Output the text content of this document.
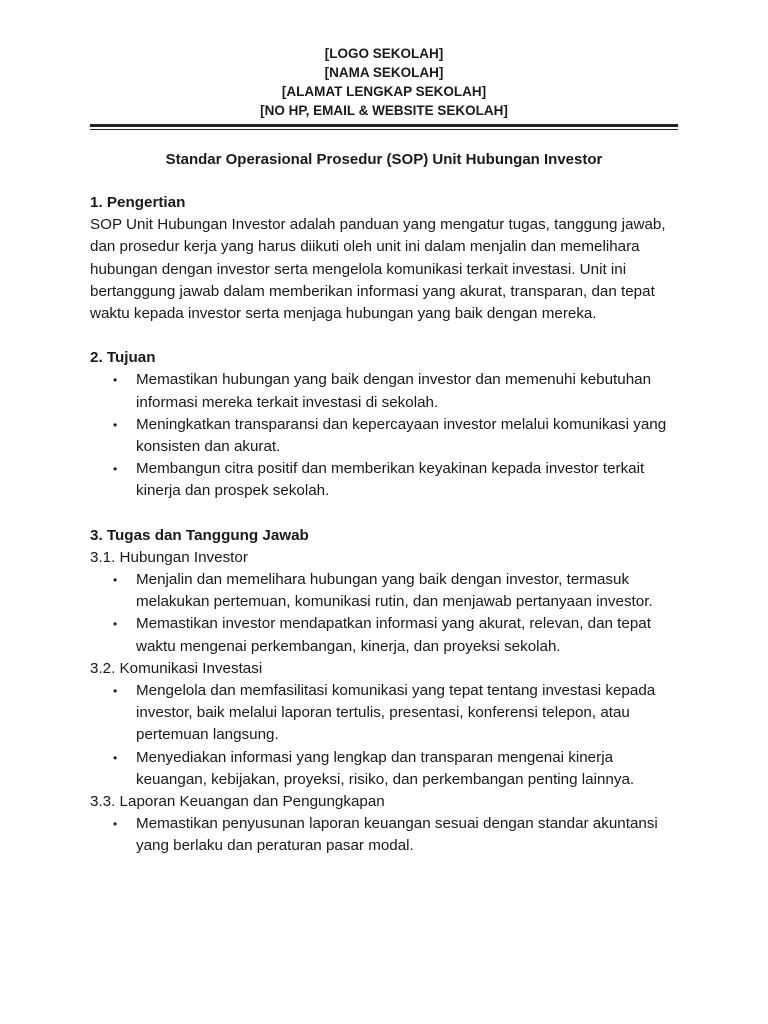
[LOGO SEKOLAH]
[NAMA SEKOLAH]
[ALAMAT LENGKAP SEKOLAH]
[NO HP, EMAIL & WEBSITE SEKOLAH]
Standar Operasional Prosedur (SOP) Unit Hubungan Investor

1. Pengertian

SOP Unit Hubungan Investor adalah panduan yang mengatur tugas, tanggung jawab, dan prosedur kerja yang harus diikuti oleh unit ini dalam menjalin dan memelihara hubungan dengan investor serta mengelola komunikasi terkait investasi. Unit ini bertanggung jawab dalam memberikan informasi yang akurat, transparan, dan tepat waktu kepada investor serta menjaga hubungan yang baik dengan mereka.

2. Tujuan

• Memastikan hubungan yang baik dengan investor dan memenuhi kebutuhan informasi mereka terkait investasi di sekolah.
• Meningkatkan transparansi dan kepercayaan investor melalui komunikasi yang konsisten dan akurat.
• Membangun citra positif dan memberikan keyakinan kepada investor terkait kinerja dan prospek sekolah.

3. Tugas dan Tanggung Jawab

3.1. Hubungan Investor

• Menjalin dan memelihara hubungan yang baik dengan investor, termasuk melakukan pertemuan, komunikasi rutin, dan menjawab pertanyaan investor.
• Memastikan investor mendapatkan informasi yang akurat, relevan, dan tepat waktu mengenai perkembangan, kinerja, dan proyeksi sekolah.

3.2. Komunikasi Investasi

• Mengelola dan memfasilitasi komunikasi yang tepat tentang investasi kepada investor, baik melalui laporan tertulis, presentasi, konferensi telepon, atau pertemuan langsung.
• Menyediakan informasi yang lengkap dan transparan mengenai kinerja keuangan, kebijakan, proyeksi, risiko, dan perkembangan penting lainnya.

3.3. Laporan Keuangan dan Pengungkapan

• Memastikan penyusunan laporan keuangan sesuai dengan standar akuntansi yang berlaku dan peraturan pasar modal.
